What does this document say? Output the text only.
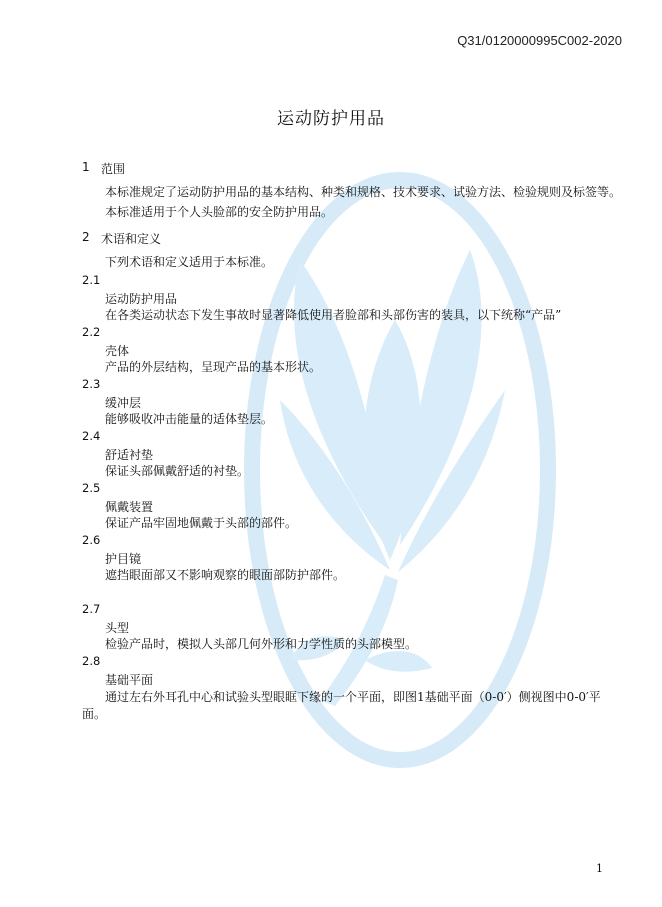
Q31/0120000995C002-2020
运动防护用品
1 范围
本标准规定了运动防护用品的基本结构、种类和规格、技术要求、试验方法、检验规则及标签等。
本标准适用于个人头脸部的安全防护用品。
2 术语和定义
下列术语和定义适用于本标准。
2.1
运动防护用品
在各类运动状态下发生事故时显著降低使用者脸部和头部伤害的装具，以下统称“产品”
2.2
壳体
产品的外层结构，呈现产品的基本形状。
2.3
缓冲层
能够吸收冲击能量的适体垫层。
2.4
舒适衬垫
保证头部佩戴舒适的衬垫。
2.5
佩戴装置
保证产品牢固地佩戴于头部的部件。
2.6
护目镜
遮挡眼面部又不影响观察的眼面部防护部件。
2.7
头型
检验产品时，模拟人头部几何外形和力学性质的头部模型。
2.8
基础平面
通过左右外耳孔中心和试验头型眼眶下缘的一个平面，即图1基础平面（0-0′）侧视图中0-0′平
面。
1
